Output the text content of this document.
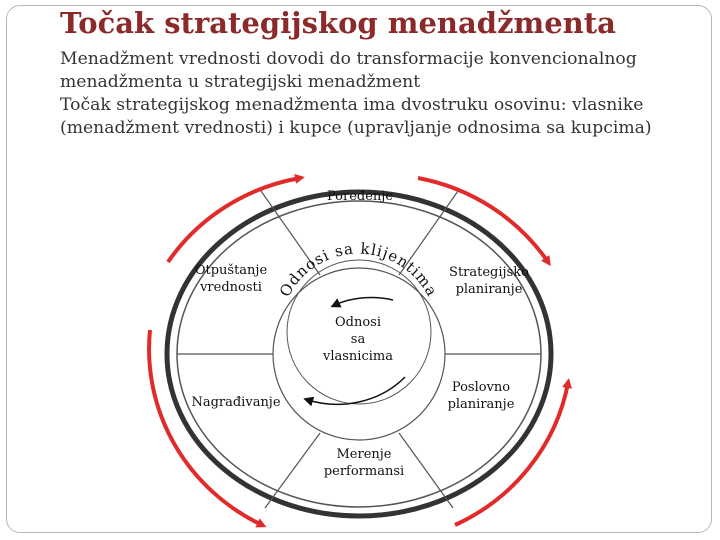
Točak strategijskog menadžmenta
Menadžment vrednosti dovodi do transformacije konvencionalnog
menadžmenta u strategijski menadžment
Točak strategijskog menadžmenta ima dvostruku osovinu: vlasnike
(menadžment vrednosti) i kupce (upravljanje odnosima sa kupcima)
Poređenje
Strategijsko
planiranje
Poslovno
planiranje
Merenje
performansi
Nagrađivanje
Otpuštanje
vrednosti
Odnosi
sa
vlasnicima
Odnosi sa klijentima
